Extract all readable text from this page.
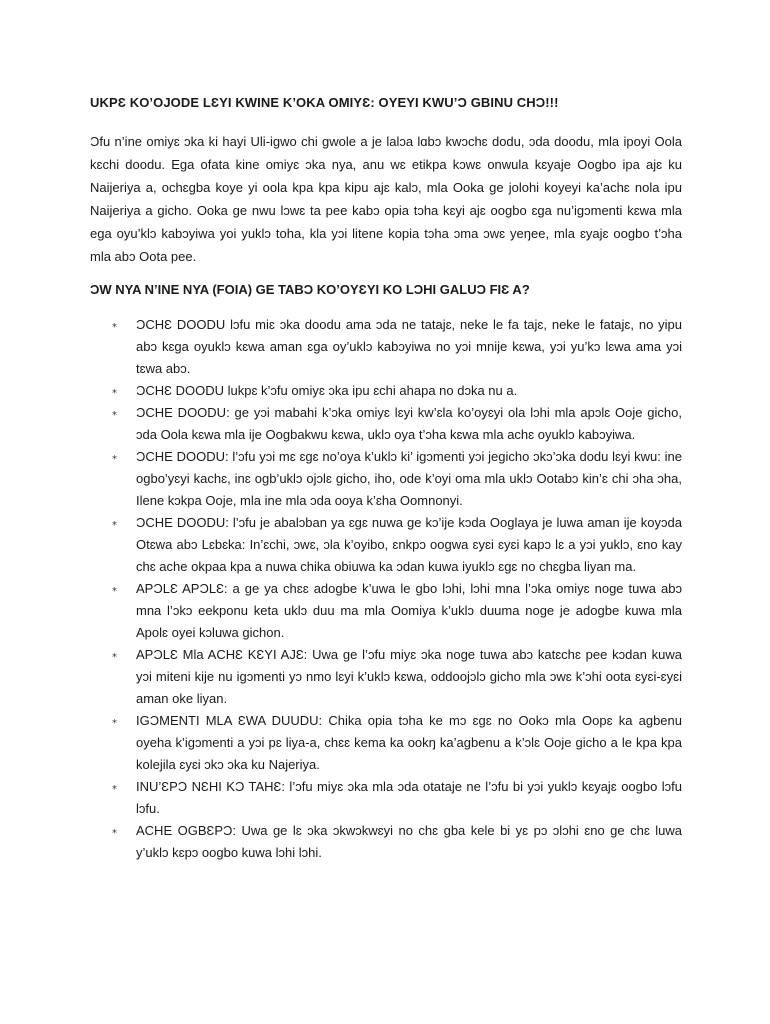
UKPƐ KO’OJODE LƐYI KWINE K’OKA OMIYƐ: OYEYI KWU’Ɔ GBINU CHƆ!!!

Ɔfu n’ine omiyɛ ɔka ki hayi Uli-igwo chi gwole a je lalɔa lɑbɔ kwɔchɛ dodu, ɔda doodu, mla ipoyi Oola kɛchi doodu. Ega ofata kine omiyɛ ɔka nya, anu wɛ etikpa kɔwɛ onwula kɛyaje Oogbo ipa ajɛ ku Naijeriya a, ochɛgba koye yi oola kpa kpa kipu ajɛ kalɔ, mla Ooka ge jolohi koyeyi ka’achɛ nola ipu Naijeriya a gicho. Ooka ge nwu lɔwɛ ta pee kabɔ opia tɔha kɛyi ajɛ oogbo ɛga nu’igɔmenti kɛwa mla ega oyu’klɔ kabɔyiwa yoi yuklɔ toha, kla yɔi litene kopia tɔha ɔma ɔwɛ yeŋee, mla ɛyajɛ oogbo t’ɔha mla abɔ Oota pee.

ƆW NYA N’INE NYA (FOIA) GE TABƆ KO’OYƐYI KO LƆHI GALUƆ FIƐ A?
⁎ ƆCHƐ DOODU lɔfu miɛ ɔka doodu ama ɔda ne tatajɛ, neke le fa tajɛ, neke le fatajɛ, no yipu abɔ kɛga oyuklɔ kɛwa aman ɛga oy’uklɔ kabɔyiwa no yɔi mnije kɛwa, yɔi yu’kɔ lɛwa ama yɔi tɛwa abɔ.
⁎ ƆCHƐ DOODU lukpɛ k’ɔfu omiyɛ ɔka ipu ɛchi ahapa no dɔka nu a.
⁎ ƆCHE DOODU: ge yɔi mabahi k’ɔka omiyɛ lɛyi kw’ɛla ko’oyɛyi ola lɔhi mla apɔlɛ Ooje gicho, ɔda Oola kɛwa mla ije Oogbakwu kɛwa, uklɔ oya t’ɔha kɛwa mla achɛ oyuklɔ kabɔyiwa.
⁎ ƆCHE DOODU: l’ɔfu yɔi mɛ ɛgɛ no’oya k’uklɔ ki’ igɔmenti yɔi jegicho ɔkɔ’ɔka dodu lɛyi kwu: ine ogbo’yɛyi kachɛ, inɛ ogb’uklɔ ojɔlɛ gicho, iho, ode k’oyi oma mla uklɔ Ootabɔ kin’ɛ chi ɔha ɔha, Ilene kɔkpa Ooje, mla ine mla ɔda ooya k’ɛha Oomnonyi.
⁎ ƆCHE DOODU: l’ɔfu je abalɔban ya ɛgɛ nuwa ge kɔ’ije kɔda Ooglaya je luwa aman ije koyɔda Otɛwa abɔ Lɛbɛka: In’ɛchi, ɔwɛ, ɔla k’oyibo, ɛnkpɔ oogwa ɛyɛi ɛyɛi kapɔ lɛ a yɔi yuklɔ, ɛno kay chɛ ache okpaa kpa a nuwa chika obiuwa ka ɔdan kuwa iyuklɔ ɛgɛ no chɛgba liyan ma.
⁎ APƆLƐ APƆLƐ: a ge ya chɛɛ adogbe k’uwa le gbo lɔhi, lɔhi mna l’ɔka omiyɛ noge tuwa abɔ mna l’ɔkɔ eekponu keta uklɔ duu ma mla Oomiya k’uklɔ duuma noge je adogbe kuwa mla Apolɛ oyei kɔluwa gichon.
⁎ APƆLƐ Mla ACHƐ KƐYI AJƐ: Uwa ge l’ɔfu miyɛ ɔka noge tuwa abɔ katɛchɛ pee kɔdan kuwa yɔi miteni kije nu igɔmenti yɔ nmo lɛyi k’uklɔ kɛwa, oddoojɔlɔ gicho mla ɔwɛ k’ɔhi oota ɛyɛi-ɛyɛi aman oke liyan.
⁎ IGƆMENTI MLA ƐWA DUUDU: Chika opia tɔha ke mɔ ɛgɛ no Ookɔ mla Oopɛ ka agbenu oyeha k’igɔmenti a yɔi pɛ liya-a, chɛɛ kema ka ookŋ ka’agbenu a k’ɔlɛ Ooje gicho a le kpa kpa kolejila ɛyɛi ɔkɔ ɔka ku Najeriya.
⁎ INU’ƐPƆ NƐHI KƆ TAHƐ: l’ɔfu miyɛ ɔka mla ɔda otataje ne l’ɔfu bi yɔi yuklɔ kɛyajɛ oogbo lɔfu lɔfu.
⁎ ACHE OGBƐPƆ: Uwa ge lɛ ɔka ɔkwɔkwɛyi no chɛ gba kele bi yɛ pɔ ɔlɔhi ɛno ge chɛ luwa y’uklɔ kɛpɔ oogbo kuwa lɔhi lɔhi.
